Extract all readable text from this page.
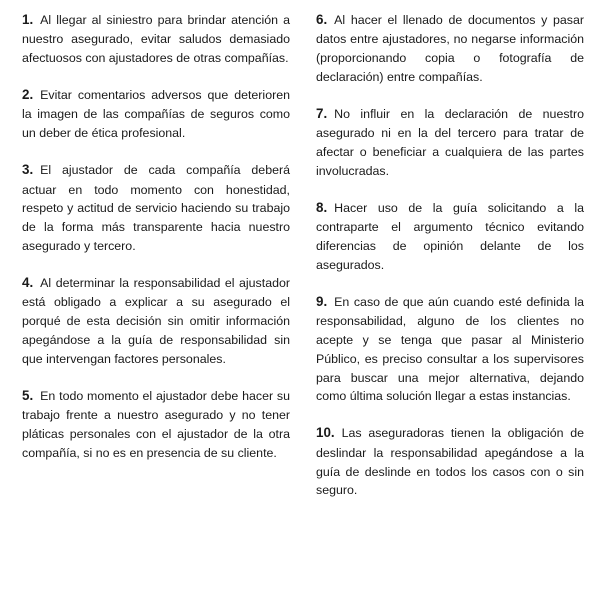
1. Al llegar al siniestro para brindar atención a nuestro asegurado, evitar saludos demasiado afectuosos con ajustadores de otras compañías.

2. Evitar comentarios adversos que deterioren la imagen de las compañías de seguros como un deber de ética profesional.

3. El ajustador de cada compañía deberá actuar en todo momento con honestidad, respeto y actitud de servicio haciendo su trabajo de la forma más transparente hacia nuestro asegurado y tercero.

4. Al determinar la responsabilidad el ajustador está obligado a explicar a su asegurado el porqué de esta decisión sin omitir información apegándose a la guía de responsabilidad sin que intervengan factores personales.

5. En todo momento el ajustador debe hacer su trabajo frente a nuestro asegurado y no tener pláticas personales con el ajustador de la otra compañía, si no es en presencia de su cliente.

6. Al hacer el llenado de documentos y pasar datos entre ajustadores, no negarse información (proporcionando copia o fotografía de declaración) entre compañías.

7. No influir en la declaración de nuestro asegurado ni en la del tercero para tratar de afectar o beneficiar a cualquiera de las partes involucradas.

8. Hacer uso de la guía solicitando a la contraparte el argumento técnico evitando diferencias de opinión delante de los asegurados.

9. En caso de que aún cuando esté definida la responsabilidad, alguno de los clientes no acepte y se tenga que pasar al Ministerio Público, es preciso consultar a los supervisores para buscar una mejor alternativa, dejando como última solución llegar a estas instancias.

10. Las aseguradoras tienen la obligación de deslindar la responsabilidad apegándose a la guía de deslinde en todos los casos con o sin seguro.
